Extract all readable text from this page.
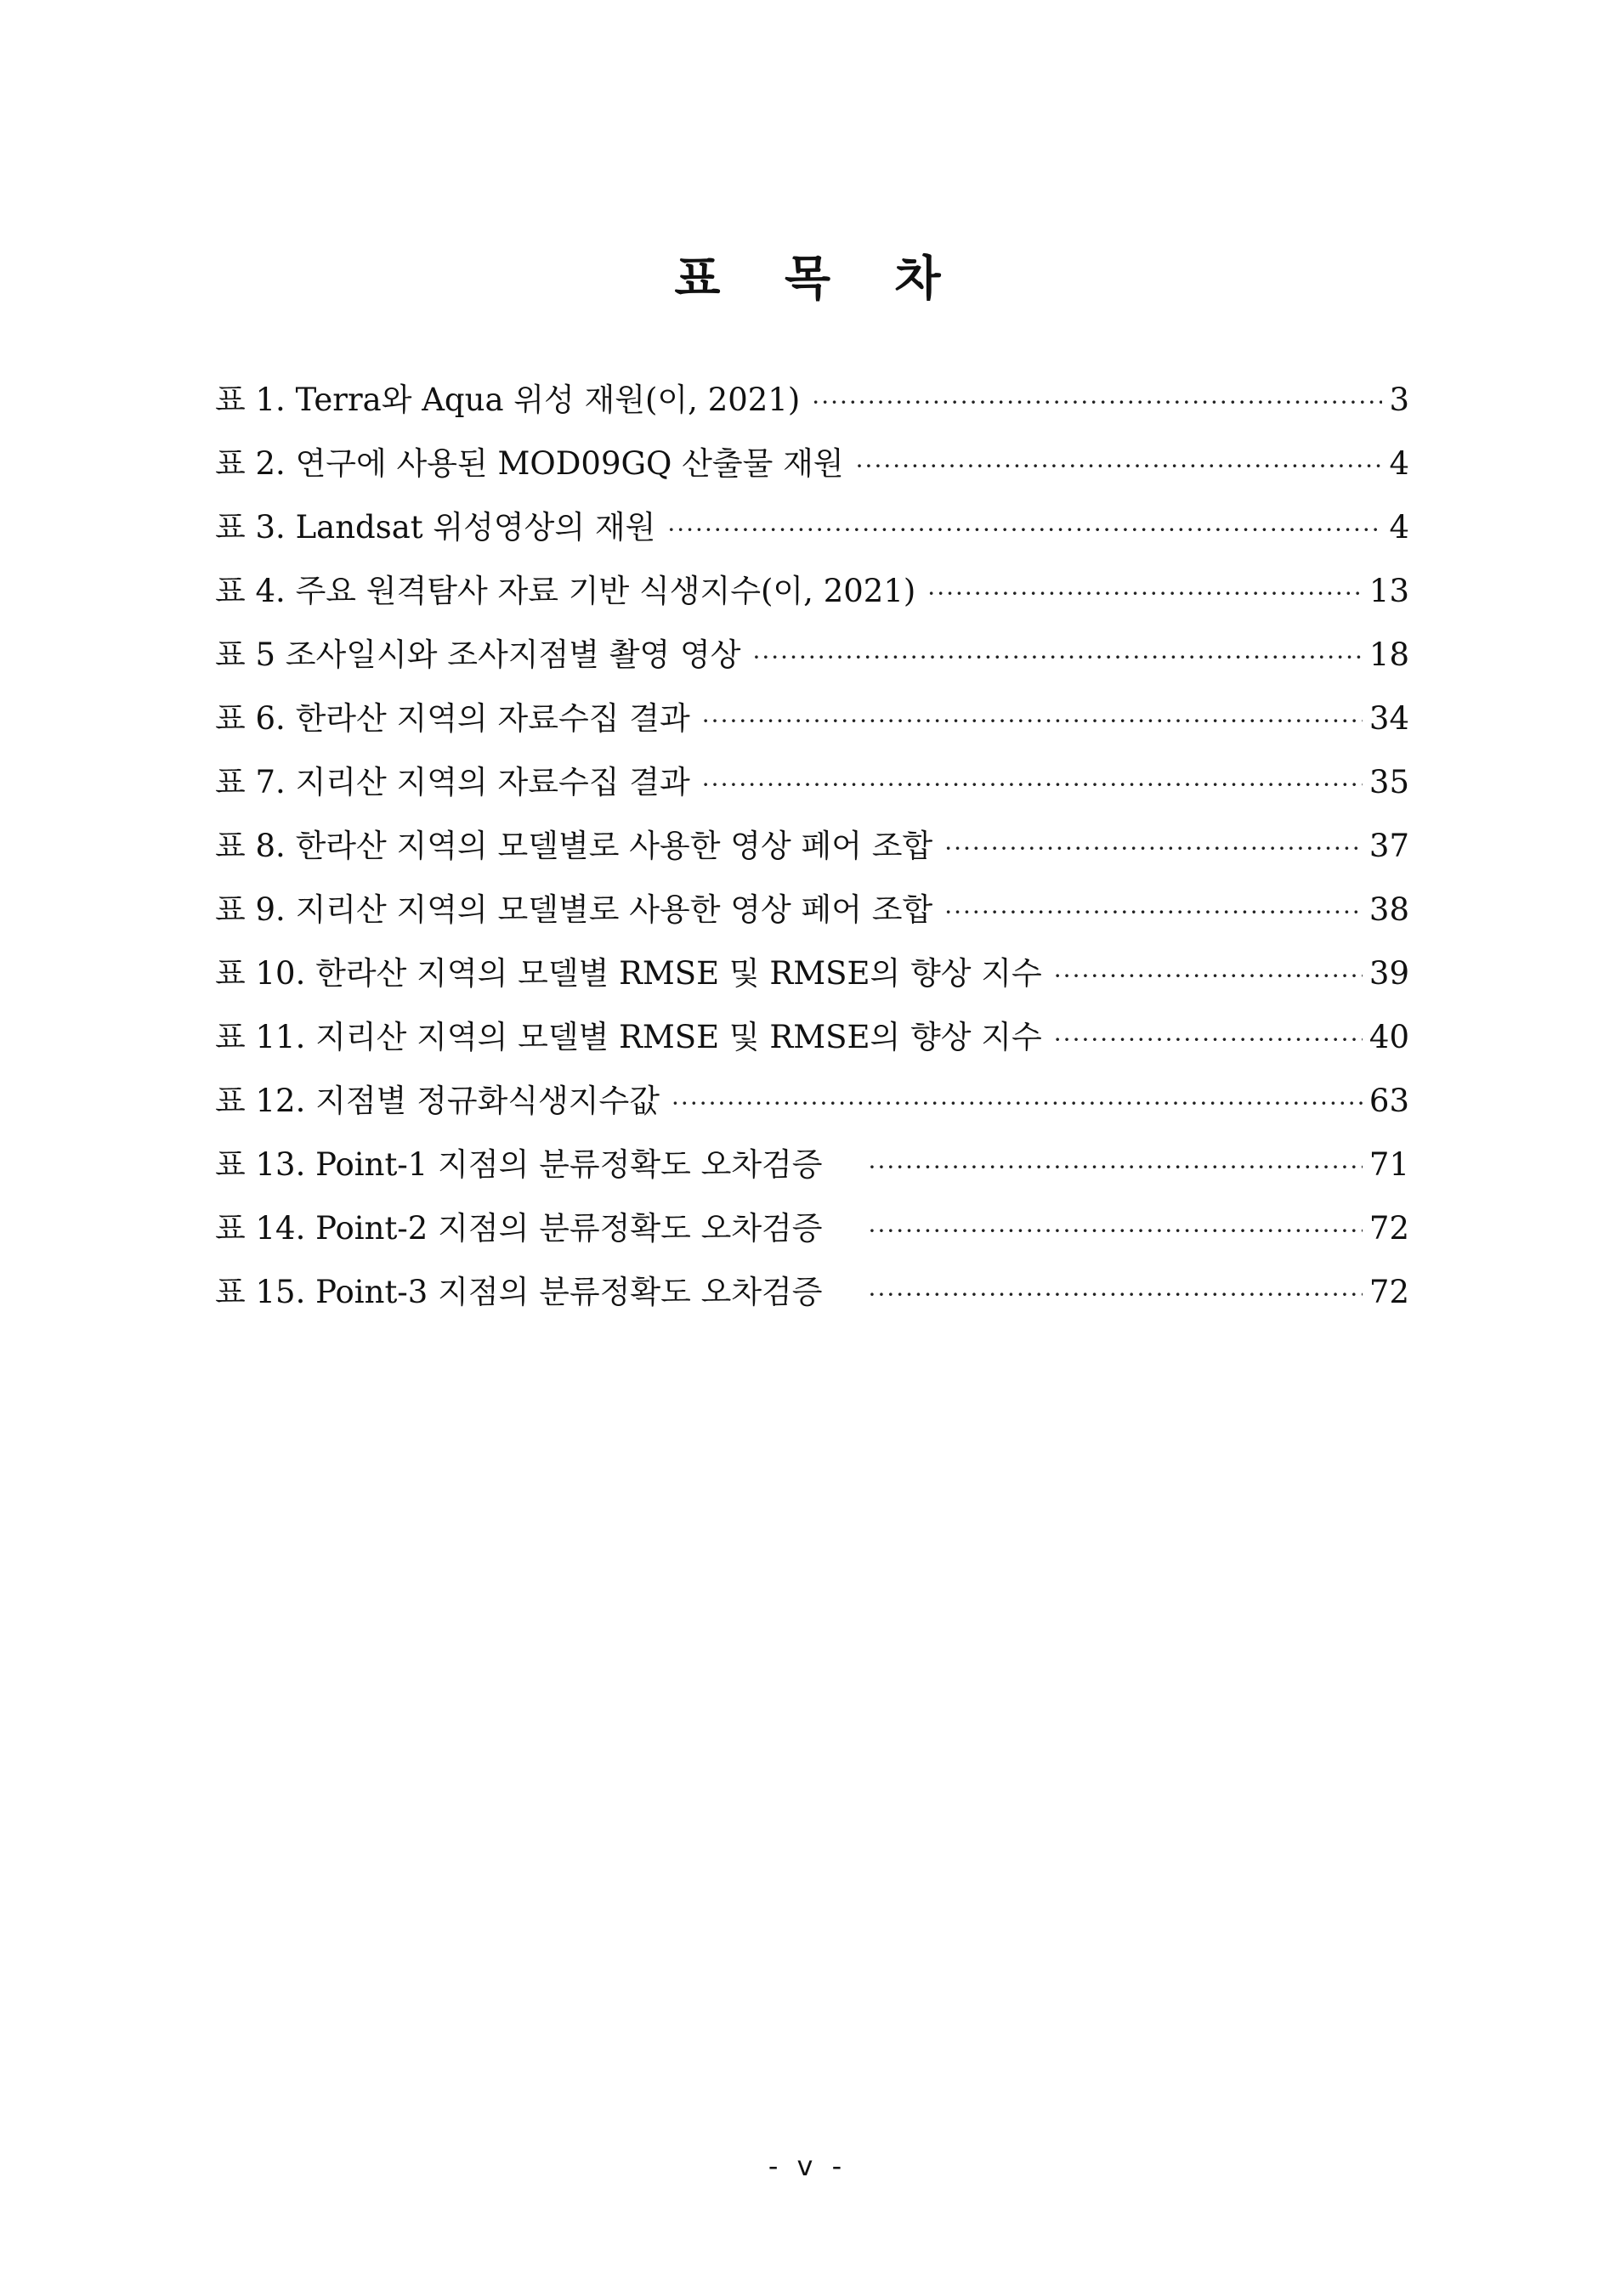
표 목 차
표 1. Terra와 Aqua 위성 재원(이, 2021) ·····	3
표 2. 연구에 사용된 MOD09GQ 산출물 재원 ·····	4
표 3. Landsat 위성영상의 재원 ·····	4
표 4. 주요 원격탐사 자료 기반 식생지수(이, 2021) ·····	13
표 5 조사일시와 조사지점별 촬영 영상 ·····	18
표 6. 한라산 지역의 자료수집 결과 ·····	34
표 7. 지리산 지역의 자료수집 결과 ·····	35
표 8. 한라산 지역의 모델별로 사용한 영상 페어 조합 ·····	37
표 9. 지리산 지역의 모델별로 사용한 영상 페어 조합 ·····	38
표 10. 한라산 지역의 모델별 RMSE 및 RMSE의 향상 지수 ·····	39
표 11. 지리산 지역의 모델별 RMSE 및 RMSE의 향상 지수 ·····	40
표 12. 지점별 정규화식생지수값 ·····	63
표 13. Point-1 지점의 분류정확도 오차검증 ·····	71
표 14. Point-2 지점의 분류정확도 오차검증 ·····	72
표 15. Point-3 지점의 분류정확도 오차검증 ·····	72
- v -
